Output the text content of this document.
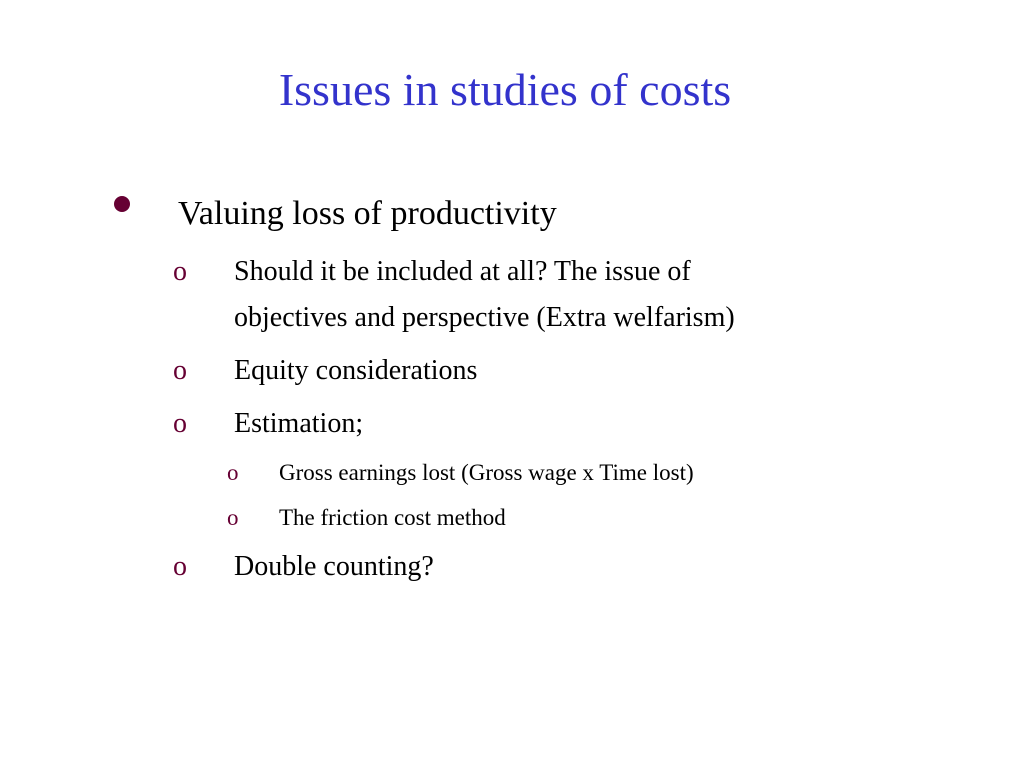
Issues in studies of costs
Valuing loss of productivity
o Should it be included at all? The issue of
objectives and perspective (Extra welfarism)
o Equity considerations
o Estimation;
o Gross earnings lost (Gross wage x Time lost)
o The friction cost method
o Double counting?
